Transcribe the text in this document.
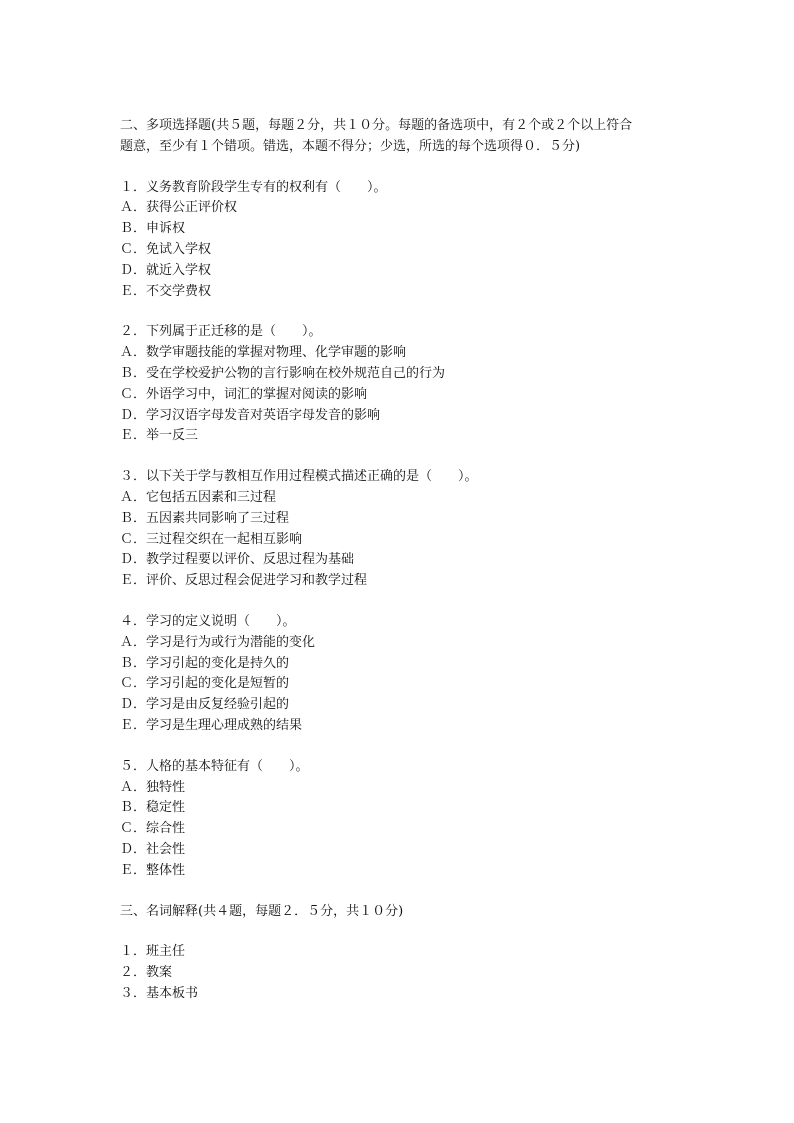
二、多项选择题(共５题，每题２分，共１０分。每题的备选项中，有２个或２个以上符合
题意，至少有１个错项。错选，本题不得分；少选，所选的每个选项得０．５分)
１．义务教育阶段学生专有的权利有（　　）。
Ａ．获得公正评价权
Ｂ．申诉权
Ｃ．免试入学权
Ｄ．就近入学权
Ｅ．不交学费权
２．下列属于正迁移的是（　　）。
Ａ．数学审题技能的掌握对物理、化学审题的影响
Ｂ．受在学校爱护公物的言行影响在校外规范自己的行为
Ｃ．外语学习中，词汇的掌握对阅读的影响
Ｄ．学习汉语字母发音对英语字母发音的影响
Ｅ．举一反三
３．以下关于学与教相互作用过程模式描述正确的是（　　）。
Ａ．它包括五因素和三过程
Ｂ．五因素共同影响了三过程
Ｃ．三过程交织在一起相互影响
Ｄ．教学过程要以评价、反思过程为基础
Ｅ．评价、反思过程会促进学习和教学过程
４．学习的定义说明（　　）。
Ａ．学习是行为或行为潜能的变化
Ｂ．学习引起的变化是持久的
Ｃ．学习引起的变化是短暂的
Ｄ．学习是由反复经验引起的
Ｅ．学习是生理心理成熟的结果
５．人格的基本特征有（　　）。
Ａ．独特性
Ｂ．稳定性
Ｃ．综合性
Ｄ．社会性
Ｅ．整体性
三、名词解释(共４题，每题２．５分，共１０分)
１．班主任
２．教案
３．基本板书
